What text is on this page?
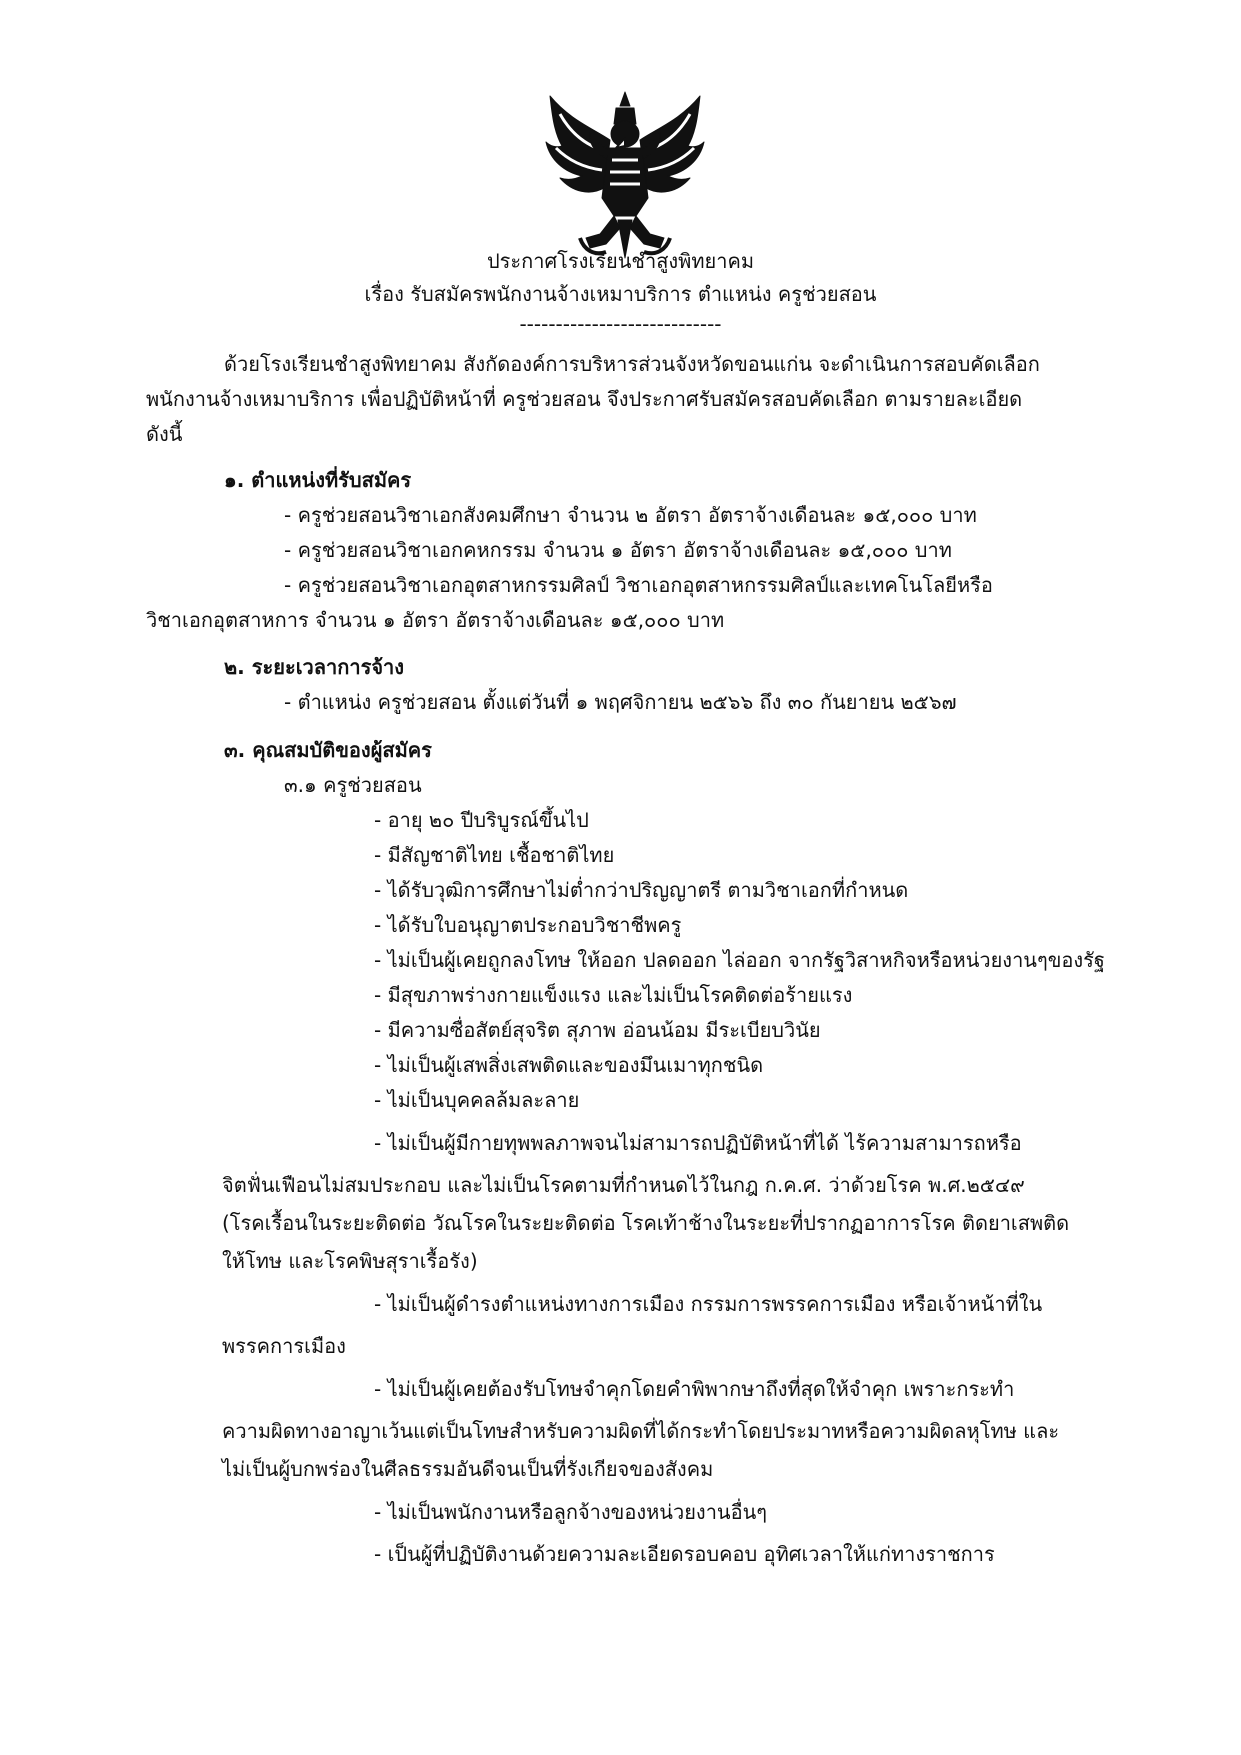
ประกาศโรงเรียนชำสูงพิทยาคม
เรื่อง รับสมัครพนักงานจ้างเหมาบริการ ตำแหน่ง ครูช่วยสอน
----------------------------
ด้วยโรงเรียนชำสูงพิทยาคม สังกัดองค์การบริหารส่วนจังหวัดขอนแก่น จะดำเนินการสอบคัดเลือก
พนักงานจ้างเหมาบริการ เพื่อปฏิบัติหน้าที่ ครูช่วยสอน จึงประกาศรับสมัครสอบคัดเลือก ตามรายละเอียด
ดังนี้
๑. ตำแหน่งที่รับสมัคร
- ครูช่วยสอนวิชาเอกสังคมศึกษา จำนวน ๒ อัตรา อัตราจ้างเดือนละ ๑๕,๐๐๐ บาท
- ครูช่วยสอนวิชาเอกคหกรรม จำนวน ๑ อัตรา อัตราจ้างเดือนละ ๑๕,๐๐๐ บาท
- ครูช่วยสอนวิชาเอกอุตสาหกรรมศิลป์ วิชาเอกอุตสาหกรรมศิลป์และเทคโนโลยีหรือ
วิชาเอกอุตสาหการ จำนวน ๑ อัตรา อัตราจ้างเดือนละ ๑๕,๐๐๐ บาท
๒. ระยะเวลาการจ้าง
- ตำแหน่ง ครูช่วยสอน ตั้งแต่วันที่ ๑ พฤศจิกายน ๒๕๖๖ ถึง ๓๐ กันยายน ๒๕๖๗
๓. คุณสมบัติของผู้สมัคร
๓.๑ ครูช่วยสอน
- อายุ ๒๐ ปีบริบูรณ์ขึ้นไป
- มีสัญชาติไทย เชื้อชาติไทย
- ได้รับวุฒิการศึกษาไม่ต่ำกว่าปริญญาตรี ตามวิชาเอกที่กำหนด
- ได้รับใบอนุญาตประกอบวิชาชีพครู
- ไม่เป็นผู้เคยถูกลงโทษ ให้ออก ปลดออก ไล่ออก จากรัฐวิสาหกิจหรือหน่วยงานๆของรัฐ
- มีสุขภาพร่างกายแข็งแรง และไม่เป็นโรคติดต่อร้ายแรง
- มีความซื่อสัตย์สุจริต สุภาพ อ่อนน้อม มีระเบียบวินัย
- ไม่เป็นผู้เสพสิ่งเสพติดและของมึนเมาทุกชนิด
- ไม่เป็นบุคคลล้มละลาย
- ไม่เป็นผู้มีกายทุพพลภาพจนไม่สามารถปฏิบัติหน้าที่ได้ ไร้ความสามารถหรือ
จิตฟั่นเฟือนไม่สมประกอบ และไม่เป็นโรคตามที่กำหนดไว้ในกฎ ก.ค.ศ. ว่าด้วยโรค พ.ศ.๒๕๔๙
(โรคเรื้อนในระยะติดต่อ วัณโรคในระยะติดต่อ โรคเท้าช้างในระยะที่ปรากฏอาการโรค ติดยาเสพติด
ให้โทษ และโรคพิษสุราเรื้อรัง)
- ไม่เป็นผู้ดำรงตำแหน่งทางการเมือง กรรมการพรรคการเมือง หรือเจ้าหน้าที่ใน
พรรคการเมือง
- ไม่เป็นผู้เคยต้องรับโทษจำคุกโดยคำพิพากษาถึงที่สุดให้จำคุก เพราะกระทำ
ความผิดทางอาญาเว้นแต่เป็นโทษสำหรับความผิดที่ได้กระทำโดยประมาทหรือความผิดลหุโทษ และ
ไม่เป็นผู้บกพร่องในศีลธรรมอันดีจนเป็นที่รังเกียจของสังคม
- ไม่เป็นพนักงานหรือลูกจ้างของหน่วยงานอื่นๆ
- เป็นผู้ที่ปฏิบัติงานด้วยความละเอียดรอบคอบ อุทิศเวลาให้แก่ทางราชการ
